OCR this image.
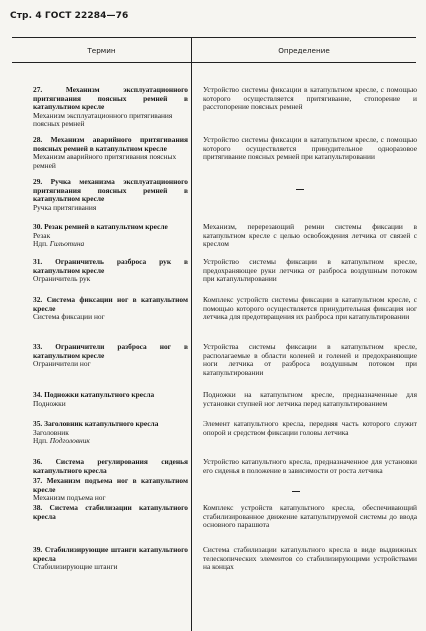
Стр. 4 ГОСТ 22284—76
Термин	Определение
27. Механизм эксплуатационного притягивания поясных ремней в катапультном кресле
Механизм эксплуатационного притягивания поясных ремней
28. Механизм аварийного притягивания поясных ремней в катапультном кресле
Механизм аварийного притягивания поясных ремней
29. Ручка механизма эксплуатационного притягивания поясных ремней в катапультном кресле
Ручка притягивания
30. Резак ремней в катапультном кресле
Резак
Ндп. Гильотина
31. Ограничитель разброса рук в катапультном кресле
Ограничитель рук
32. Система фиксации ног в катапультном кресле
Система фиксации ног
33. Ограничители разброса ног в катапультном кресле
Ограничители ног
34. Подножки катапультного кресла
Подножки
35. Заголовник катапультного кресла
Заголовник
Ндп. Подголовник
36. Система регулирования сиденья катапультного кресла
37. Механизм подъема ног в катапультном кресле
Механизм подъема ног
38. Система стабилизации катапультного кресла
39. Стабилизирующие штанги катапультного кресла
Стабилизирующие штанги
Устройство системы фиксации в катапультном кресле, с помощью которого осуществляется притягивание, стопорение и расстопорение поясных ремней
Устройство системы фиксации в катапультном кресле, с помощью которого осуществляется принудительное одноразовое притягивание поясных ремней при катапультировании
Механизм, перерезающий ремни системы фиксации в катапультном кресле с целью освобождения летчика от связей с креслом
Устройство системы фиксации в катапультном кресле, предохраняющее руки летчика от разброса воздушным потоком при катапультировании
Комплекс устройств системы фиксации в катапультном кресле, с помощью которого осуществляется принудительная фиксация ног летчика для предотвращения их разброса при катапультировании
Устройства системы фиксации в катапультном кресле, располагаемые в области коленей и голеней и предохраняющие ноги летчика от разброса воздушным потоком при катапультировании
Подножки на катапультном кресле, предназначенные для установки ступней ног летчика перед катапультированием
Элемент катапультного кресла, передняя часть которого служит опорой и средством фиксации головы летчика
Устройство катапультного кресла, предназначенное для установки его сиденья в положение в зависимости от роста летчика
Комплекс устройств катапультного кресла, обеспечивающий стабилизированное движение катапультируемой системы до ввода основного парашюта
Система стабилизации катапультного кресла в виде выдвижных телескопических элементов со стабилизирующими устройствами на концах
